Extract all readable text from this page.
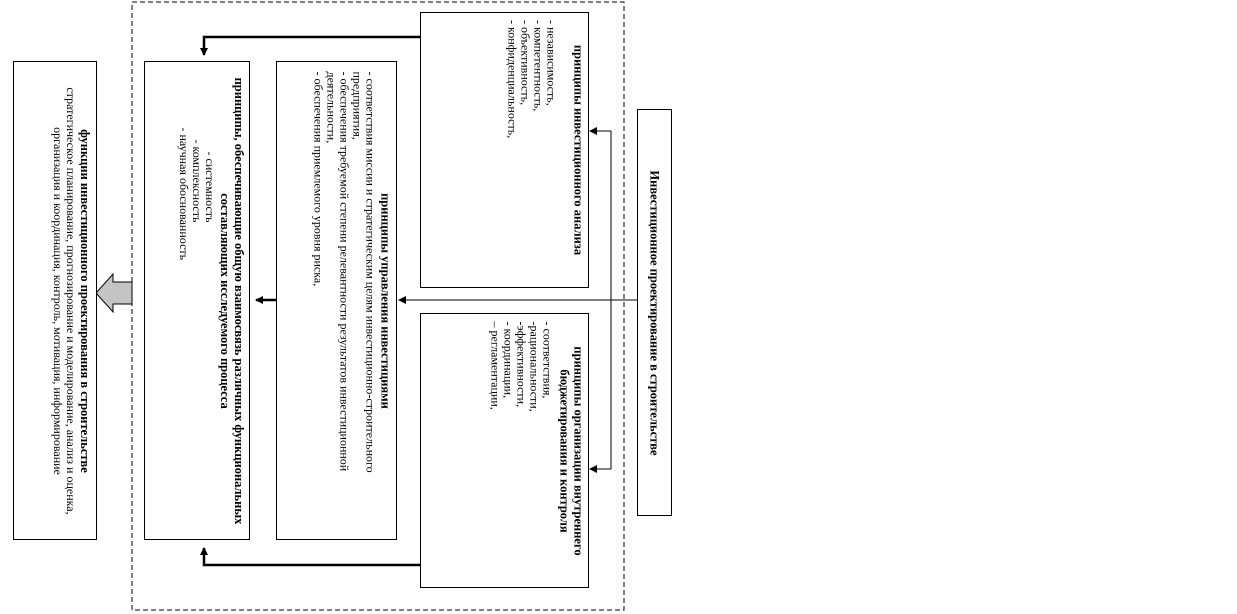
Инвестиционное проектирование в строительстве
принципы инвестиционного анализа
- независимость,
- компетентность,
- объективность,
- конфиденциальность,
принципы организации внутреннего бюджетирования и контроля
- соответствия,
-рациональности,
-эффективности,
- координации,
– регламентации,
принципы управления инвестициями
- соответствия миссии и стратегическим целям инвестиционно-строительного предприятия,
- обеспечения требуемой степени релевантности результатов инвестиционной деятельности,
- обеспечения приемлемого уровня риска,
принципы, обеспечивающие общую взаимосвязь различных функциональных составляющих исследуемого процесса
- системность
- комплексность
- научная обоснованность
функции инвестиционного проектирования в строительстве
стратегическое планирование, прогнозирование и моделирование, анализ и оценка, организация и координация, контроль, мотивация, информирование
